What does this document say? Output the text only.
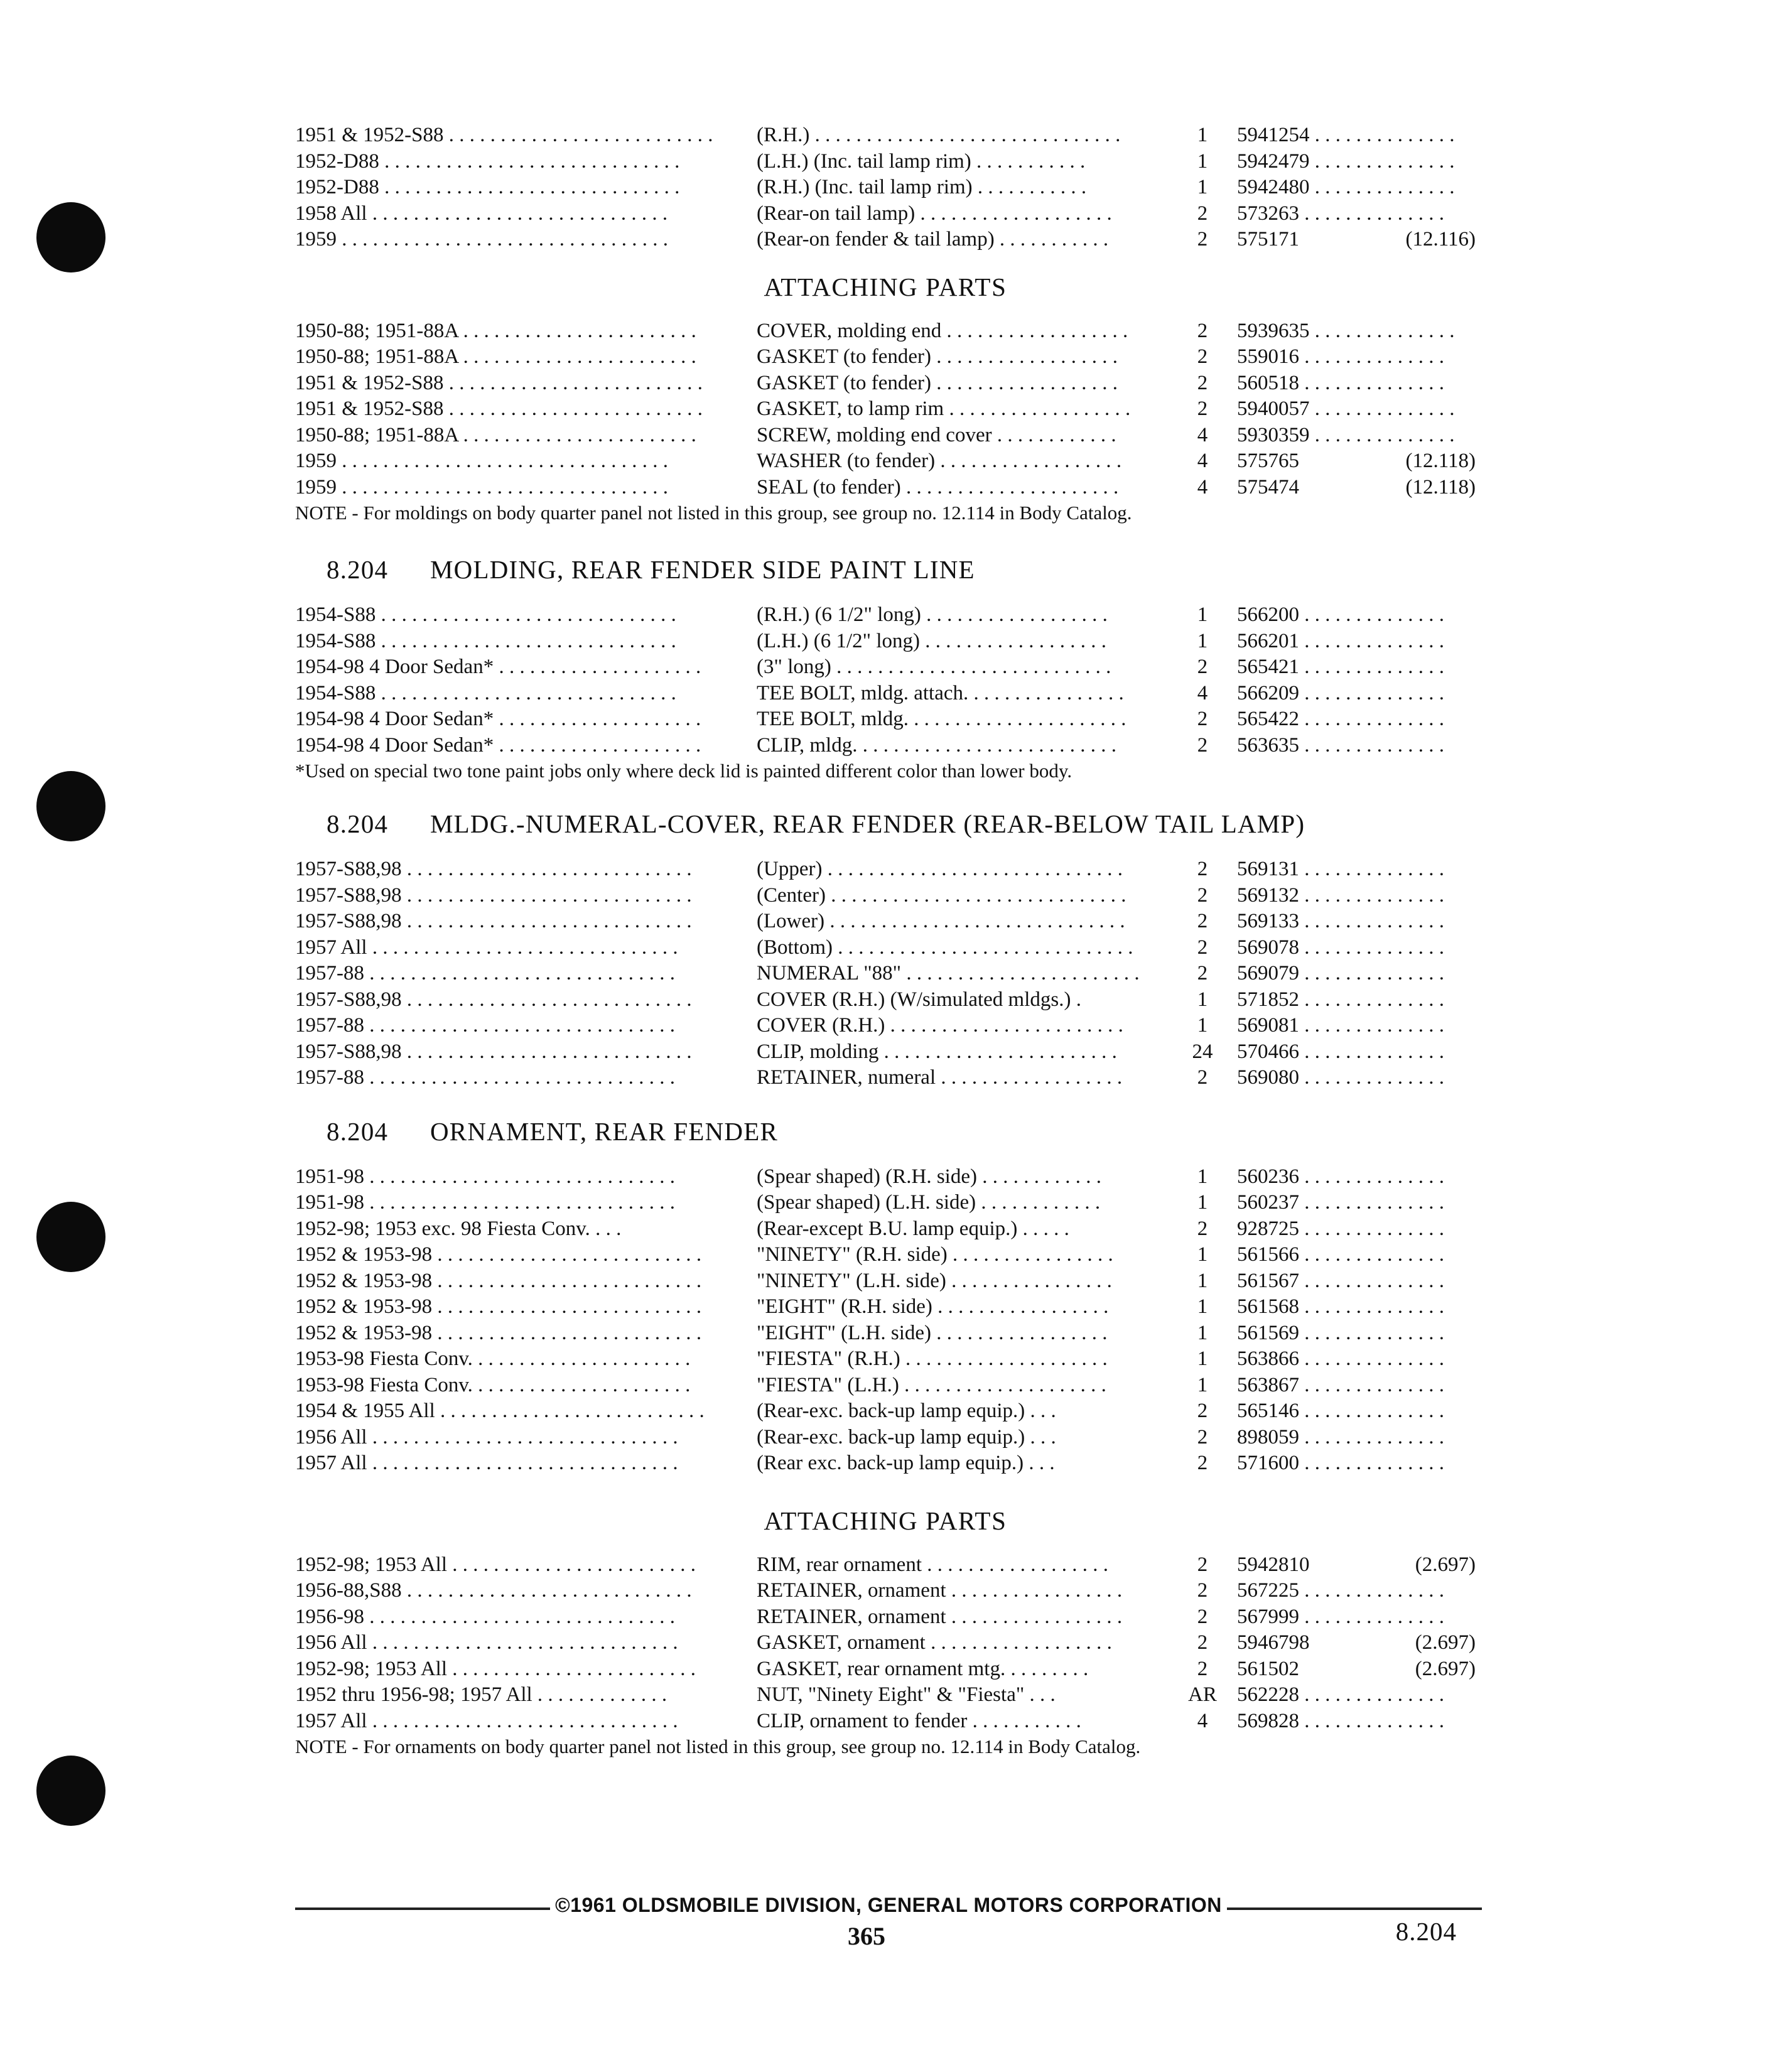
1951 & 1952-S88 . . . . . . . . . . . . . . . . . . . . . . . . . .	(R.H.) . . . . . . . . . . . . . . . . . . . . . . . . . . . . . .	1	5941254 . . . . . . . . . . . . . .
1952-D88 . . . . . . . . . . . . . . . . . . . . . . . . . . . . .	(L.H.) (Inc. tail lamp rim) . . . . . . . . . . .	1	5942479 . . . . . . . . . . . . . .
1952-D88 . . . . . . . . . . . . . . . . . . . . . . . . . . . . .	(R.H.) (Inc. tail lamp rim) . . . . . . . . . . .	1	5942480 . . . . . . . . . . . . . .
1958 All . . . . . . . . . . . . . . . . . . . . . . . . . . . . .	(Rear-on tail lamp) . . . . . . . . . . . . . . . . . . .	2	573263 . . . . . . . . . . . . . .
1959 . . . . . . . . . . . . . . . . . . . . . . . . . . . . . . . .	(Rear-on fender & tail lamp) . . . . . . . . . . .	2	575171	(12.116)
ATTACHING PARTS
1950-88; 1951-88A . . . . . . . . . . . . . . . . . . . . . . .	COVER, molding end . . . . . . . . . . . . . . . . . .	2	5939635 . . . . . . . . . . . . . .
1950-88; 1951-88A . . . . . . . . . . . . . . . . . . . . . . .	GASKET (to fender) . . . . . . . . . . . . . . . . . .	2	559016 . . . . . . . . . . . . . .
1951 & 1952-S88 . . . . . . . . . . . . . . . . . . . . . . . . .	GASKET (to fender) . . . . . . . . . . . . . . . . . .	2	560518 . . . . . . . . . . . . . .
1951 & 1952-S88 . . . . . . . . . . . . . . . . . . . . . . . . .	GASKET, to lamp rim . . . . . . . . . . . . . . . . . .	2	5940057 . . . . . . . . . . . . . .
1950-88; 1951-88A . . . . . . . . . . . . . . . . . . . . . . .	SCREW, molding end cover . . . . . . . . . . . .	4	5930359 . . . . . . . . . . . . . .
1959 . . . . . . . . . . . . . . . . . . . . . . . . . . . . . . . .	WASHER (to fender) . . . . . . . . . . . . . . . . . .	4	575765	(12.118)
1959 . . . . . . . . . . . . . . . . . . . . . . . . . . . . . . . .	SEAL (to fender) . . . . . . . . . . . . . . . . . . . . .	4	575474	(12.118)
NOTE - For moldings on body quarter panel not listed in this group, see group no. 12.114 in Body Catalog.
8.204 MOLDING, REAR FENDER SIDE PAINT LINE
1954-S88 . . . . . . . . . . . . . . . . . . . . . . . . . . . . .	(R.H.) (6 1/2" long) . . . . . . . . . . . . . . . . . .	1	566200 . . . . . . . . . . . . . .
1954-S88 . . . . . . . . . . . . . . . . . . . . . . . . . . . . .	(L.H.) (6 1/2" long) . . . . . . . . . . . . . . . . . .	1	566201 . . . . . . . . . . . . . .
1954-98 4 Door Sedan* . . . . . . . . . . . . . . . . . . . .	(3" long) . . . . . . . . . . . . . . . . . . . . . . . . . . .	2	565421 . . . . . . . . . . . . . .
1954-S88 . . . . . . . . . . . . . . . . . . . . . . . . . . . . .	TEE BOLT, mldg. attach. . . . . . . . . . . . . . . .	4	566209 . . . . . . . . . . . . . .
1954-98 4 Door Sedan* . . . . . . . . . . . . . . . . . . . .	TEE BOLT, mldg. . . . . . . . . . . . . . . . . . . . . .	2	565422 . . . . . . . . . . . . . .
1954-98 4 Door Sedan* . . . . . . . . . . . . . . . . . . . .	CLIP, mldg. . . . . . . . . . . . . . . . . . . . . . . . . .	2	563635 . . . . . . . . . . . . . .
*Used on special two tone paint jobs only where deck lid is painted different color than lower body.
8.204 MLDG.-NUMERAL-COVER, REAR FENDER (REAR-BELOW TAIL LAMP)
1957-S88,98 . . . . . . . . . . . . . . . . . . . . . . . . . . . .	(Upper) . . . . . . . . . . . . . . . . . . . . . . . . . . . . .	2	569131 . . . . . . . . . . . . . .
1957-S88,98 . . . . . . . . . . . . . . . . . . . . . . . . . . . .	(Center) . . . . . . . . . . . . . . . . . . . . . . . . . . . . .	2	569132 . . . . . . . . . . . . . .
1957-S88,98 . . . . . . . . . . . . . . . . . . . . . . . . . . . .	(Lower) . . . . . . . . . . . . . . . . . . . . . . . . . . . . .	2	569133 . . . . . . . . . . . . . .
1957 All . . . . . . . . . . . . . . . . . . . . . . . . . . . . . .	(Bottom) . . . . . . . . . . . . . . . . . . . . . . . . . . . . .	2	569078 . . . . . . . . . . . . . .
1957-88 . . . . . . . . . . . . . . . . . . . . . . . . . . . . . .	NUMERAL "88" . . . . . . . . . . . . . . . . . . . . . . .	2	569079 . . . . . . . . . . . . . .
1957-S88,98 . . . . . . . . . . . . . . . . . . . . . . . . . . . .	COVER (R.H.) (W/simulated mldgs.) .	1	571852 . . . . . . . . . . . . . .
1957-88 . . . . . . . . . . . . . . . . . . . . . . . . . . . . . .	COVER (R.H.) . . . . . . . . . . . . . . . . . . . . . . .	1	569081 . . . . . . . . . . . . . .
1957-S88,98 . . . . . . . . . . . . . . . . . . . . . . . . . . . .	CLIP, molding . . . . . . . . . . . . . . . . . . . . . . .	24	570466 . . . . . . . . . . . . . .
1957-88 . . . . . . . . . . . . . . . . . . . . . . . . . . . . . .	RETAINER, numeral . . . . . . . . . . . . . . . . . .	2	569080 . . . . . . . . . . . . . .
8.204 ORNAMENT, REAR FENDER
1951-98 . . . . . . . . . . . . . . . . . . . . . . . . . . . . . .	(Spear shaped) (R.H. side) . . . . . . . . . . . .	1	560236 . . . . . . . . . . . . . .
1951-98 . . . . . . . . . . . . . . . . . . . . . . . . . . . . . .	(Spear shaped) (L.H. side) . . . . . . . . . . . .	1	560237 . . . . . . . . . . . . . .
1952-98; 1953 exc. 98 Fiesta Conv. . . .	(Rear-except B.U. lamp equip.) . . . . .	2	928725 . . . . . . . . . . . . . .
1952 & 1953-98 . . . . . . . . . . . . . . . . . . . . . . . . . .	"NINETY" (R.H. side) . . . . . . . . . . . . . . . .	1	561566 . . . . . . . . . . . . . .
1952 & 1953-98 . . . . . . . . . . . . . . . . . . . . . . . . . .	"NINETY" (L.H. side) . . . . . . . . . . . . . . . .	1	561567 . . . . . . . . . . . . . .
1952 & 1953-98 . . . . . . . . . . . . . . . . . . . . . . . . . .	"EIGHT" (R.H. side) . . . . . . . . . . . . . . . . .	1	561568 . . . . . . . . . . . . . .
1952 & 1953-98 . . . . . . . . . . . . . . . . . . . . . . . . . .	"EIGHT" (L.H. side) . . . . . . . . . . . . . . . . .	1	561569 . . . . . . . . . . . . . .
1953-98 Fiesta Conv. . . . . . . . . . . . . . . . . . . . . .	"FIESTA" (R.H.) . . . . . . . . . . . . . . . . . . . .	1	563866 . . . . . . . . . . . . . .
1953-98 Fiesta Conv. . . . . . . . . . . . . . . . . . . . . .	"FIESTA" (L.H.) . . . . . . . . . . . . . . . . . . . .	1	563867 . . . . . . . . . . . . . .
1954 & 1955 All . . . . . . . . . . . . . . . . . . . . . . . . . .	(Rear-exc. back-up lamp equip.) . . .	2	565146 . . . . . . . . . . . . . .
1956 All . . . . . . . . . . . . . . . . . . . . . . . . . . . . . .	(Rear-exc. back-up lamp equip.) . . .	2	898059 . . . . . . . . . . . . . .
1957 All . . . . . . . . . . . . . . . . . . . . . . . . . . . . . .	(Rear exc. back-up lamp equip.) . . .	2	571600 . . . . . . . . . . . . . .
ATTACHING PARTS
1952-98; 1953 All . . . . . . . . . . . . . . . . . . . . . . . .	RIM, rear ornament . . . . . . . . . . . . . . . . . .	2	5942810	(2.697)
1956-88,S88 . . . . . . . . . . . . . . . . . . . . . . . . . . . .	RETAINER, ornament . . . . . . . . . . . . . . . . .	2	567225 . . . . . . . . . . . . . .
1956-98 . . . . . . . . . . . . . . . . . . . . . . . . . . . . . .	RETAINER, ornament . . . . . . . . . . . . . . . . .	2	567999 . . . . . . . . . . . . . .
1956 All . . . . . . . . . . . . . . . . . . . . . . . . . . . . . .	GASKET, ornament . . . . . . . . . . . . . . . . . .	2	5946798	(2.697)
1952-98; 1953 All . . . . . . . . . . . . . . . . . . . . . . . .	GASKET, rear ornament mtg. . . . . . . . .	2	561502	(2.697)
1952 thru 1956-98; 1957 All . . . . . . . . . . . . .	NUT, "Ninety Eight" & "Fiesta" . . .	AR 562228 . . . . . . . . . . . . . .
1957 All . . . . . . . . . . . . . . . . . . . . . . . . . . . . . .	CLIP, ornament to fender . . . . . . . . . . .	4	569828 . . . . . . . . . . . . . .
NOTE - For ornaments on body quarter panel not listed in this group, see group no. 12.114 in Body Catalog.
©1961 OLDSMOBILE DIVISION, GENERAL MOTORS CORPORATION
365	8.204
